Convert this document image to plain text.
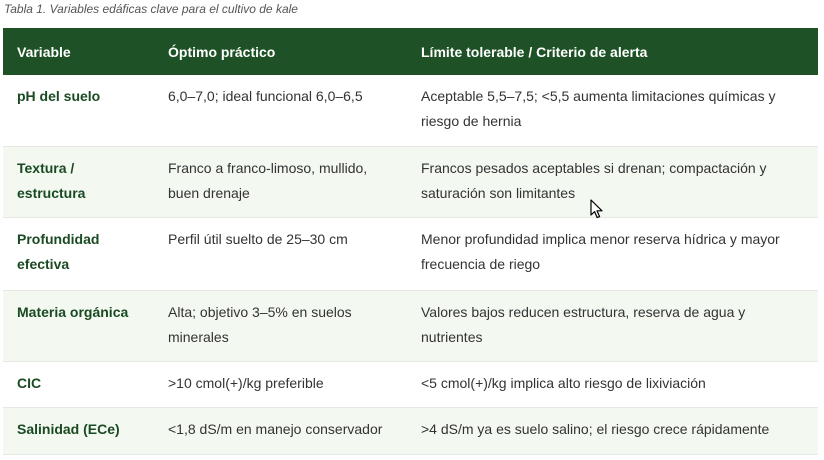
Tabla 1. Variables edáficas clave para el cultivo de kale
Variable	Óptimo práctico	Límite tolerable / Criterio de alerta
pH del suelo	6,0–7,0; ideal funcional 6,0–6,5	Aceptable 5,5–7,5; <5,5 aumenta limitaciones químicas y riesgo de hernia
Textura / estructura	Franco a franco-limoso, mullido, buen drenaje	Francos pesados aceptables si drenan; compactación y saturación son limitantes
Profundidad efectiva	Perfil útil suelto de 25–30 cm	Menor profundidad implica menor reserva hídrica y mayor frecuencia de riego
Materia orgánica	Alta; objetivo 3–5% en suelos minerales	Valores bajos reducen estructura, reserva de agua y nutrientes
CIC	>10 cmol(+)/kg preferible	<5 cmol(+)/kg implica alto riesgo de lixiviación
Salinidad (ECe)	<1,8 dS/m en manejo conservador	>4 dS/m ya es suelo salino; el riesgo crece rápidamente
